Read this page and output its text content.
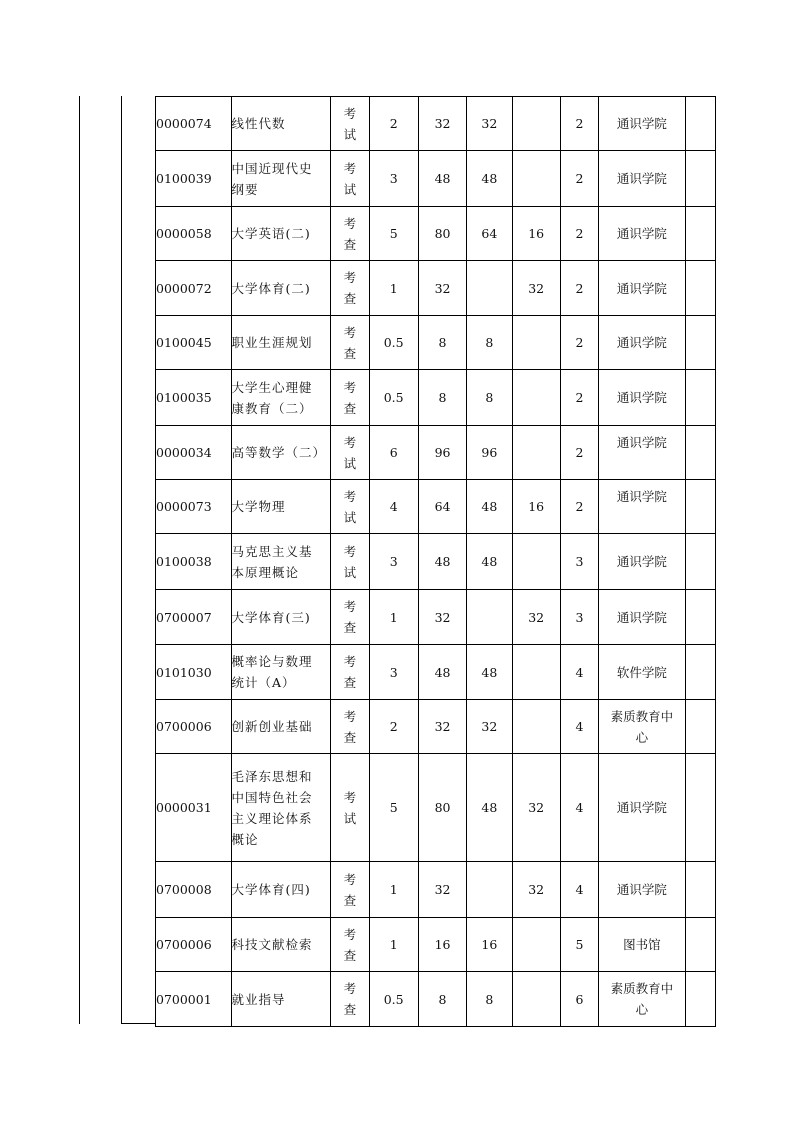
0000074	线性代数	考
试	2	32	32		2	通识学院	

0100039	中国近现代史
纲要	考
试	3	48	48		2	通识学院	

0000058	大学英语(二)	考
查	5	80	64	16	2	通识学院	

0000072	大学体育(二)	考
查	1	32		32	2	通识学院	

0100045	职业生涯规划	考
查	0.5	8	8		2	通识学院	

0100035	大学生心理健
康教育（二）	考
查	0.5	8	8		2	通识学院	

0000034	高等数学（二）	考
试	6	96	96		2	通识学院	

0000073	大学物理	考
试	4	64	48	16	2	通识学院	

0100038	马克思主义基
本原理概论	考
试	3	48	48		3	通识学院	

0700007	大学体育(三)	考
查	1	32		32	3	通识学院	

0101030	概率论与数理
统计（A）	考
查	3	48	48		4	软件学院	

0700006	创新创业基础	考
查	2	32	32		4	素质教育中
心	

0000031	毛泽东思想和
中国特色社会
主义理论体系
概论	考
试	5	80	48	32	4	通识学院	

0700008	大学体育(四)	考
查	1	32		32	4	通识学院	

0700006	科技文献检索	考
查	1	16	16		5	图书馆	

0700001	就业指导	考
查	0.5	8	8		6	素质教育中
心	
